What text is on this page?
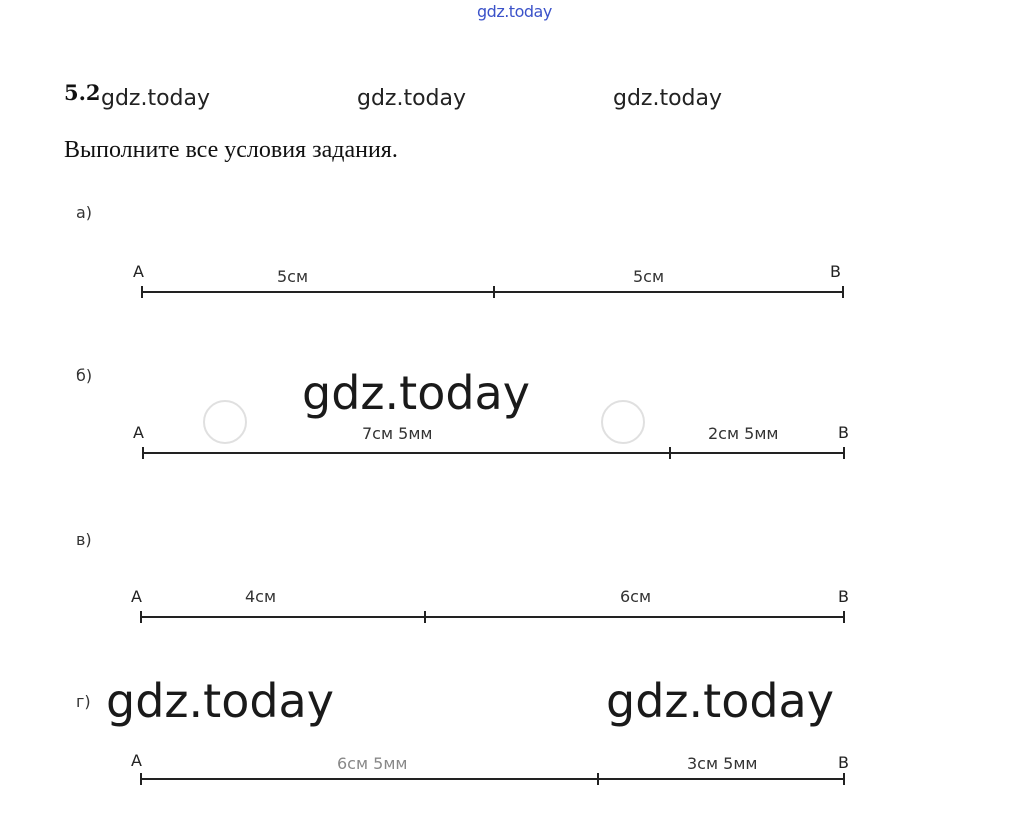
gdz.today
5.2 gdz.today	gdz.today	gdz.today
Выполните все условия задания.
а)
A	B
5см	5см
б)	gdz.today
A	B
7см 5мм	2см 5мм
в)
A	B
4см	6см
г) gdz.today	gdz.today
A	B
6см 5мм	3см 5мм
